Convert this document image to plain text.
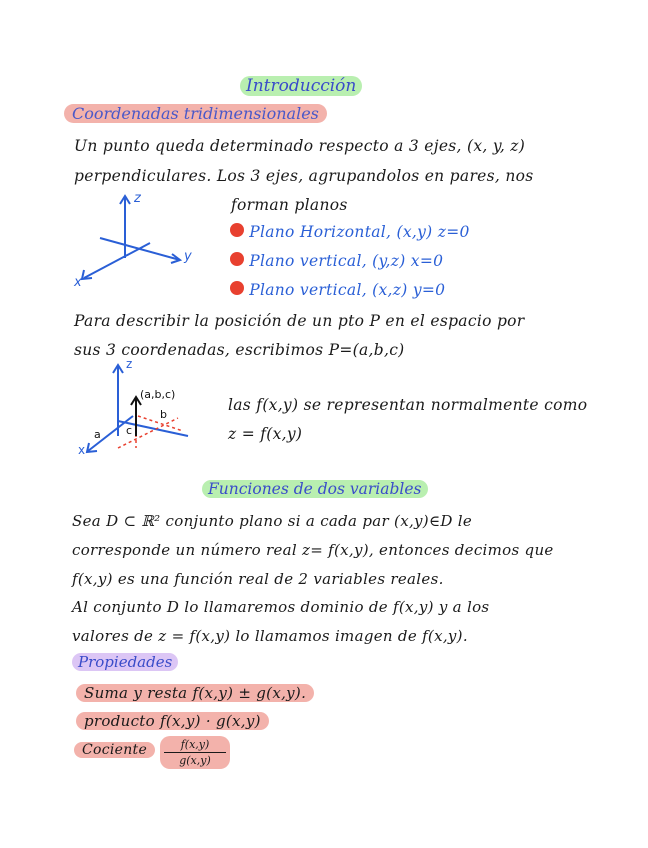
Introducción
Coordenadas tridimensionales
Un punto queda determinado respecto a 3 ejes, (x, y, z)
perpendiculares. Los 3 ejes, agrupandolos en pares, nos
forman planos
z
y
x
Plano Horizontal, (x,y) z=0
Plano vertical, (y,z) x=0
Plano vertical, (x,z) y=0
Para describir la posición de un pto P en el espacio por
sus 3 coordenadas, escribimos P=(a,b,c)
(a,b,c)
b
c
a
z
x
las f(x,y) se representan normalmente como
z = f(x,y)
Funciones de dos variables
Sea D ⊂ ℝ² conjunto plano si a cada par (x,y)∈D le
corresponde un número real z= f(x,y), entonces decimos que
f(x,y) es una función real de 2 variables reales.
Al conjunto D lo llamaremos dominio de f(x,y) y a los
valores de z = f(x,y) lo llamamos imagen de f(x,y).
Propiedades
Suma y resta f(x,y) ± g(x,y).
producto f(x,y) · g(x,y)
Cociente	f(x,y)
g(x,y)
